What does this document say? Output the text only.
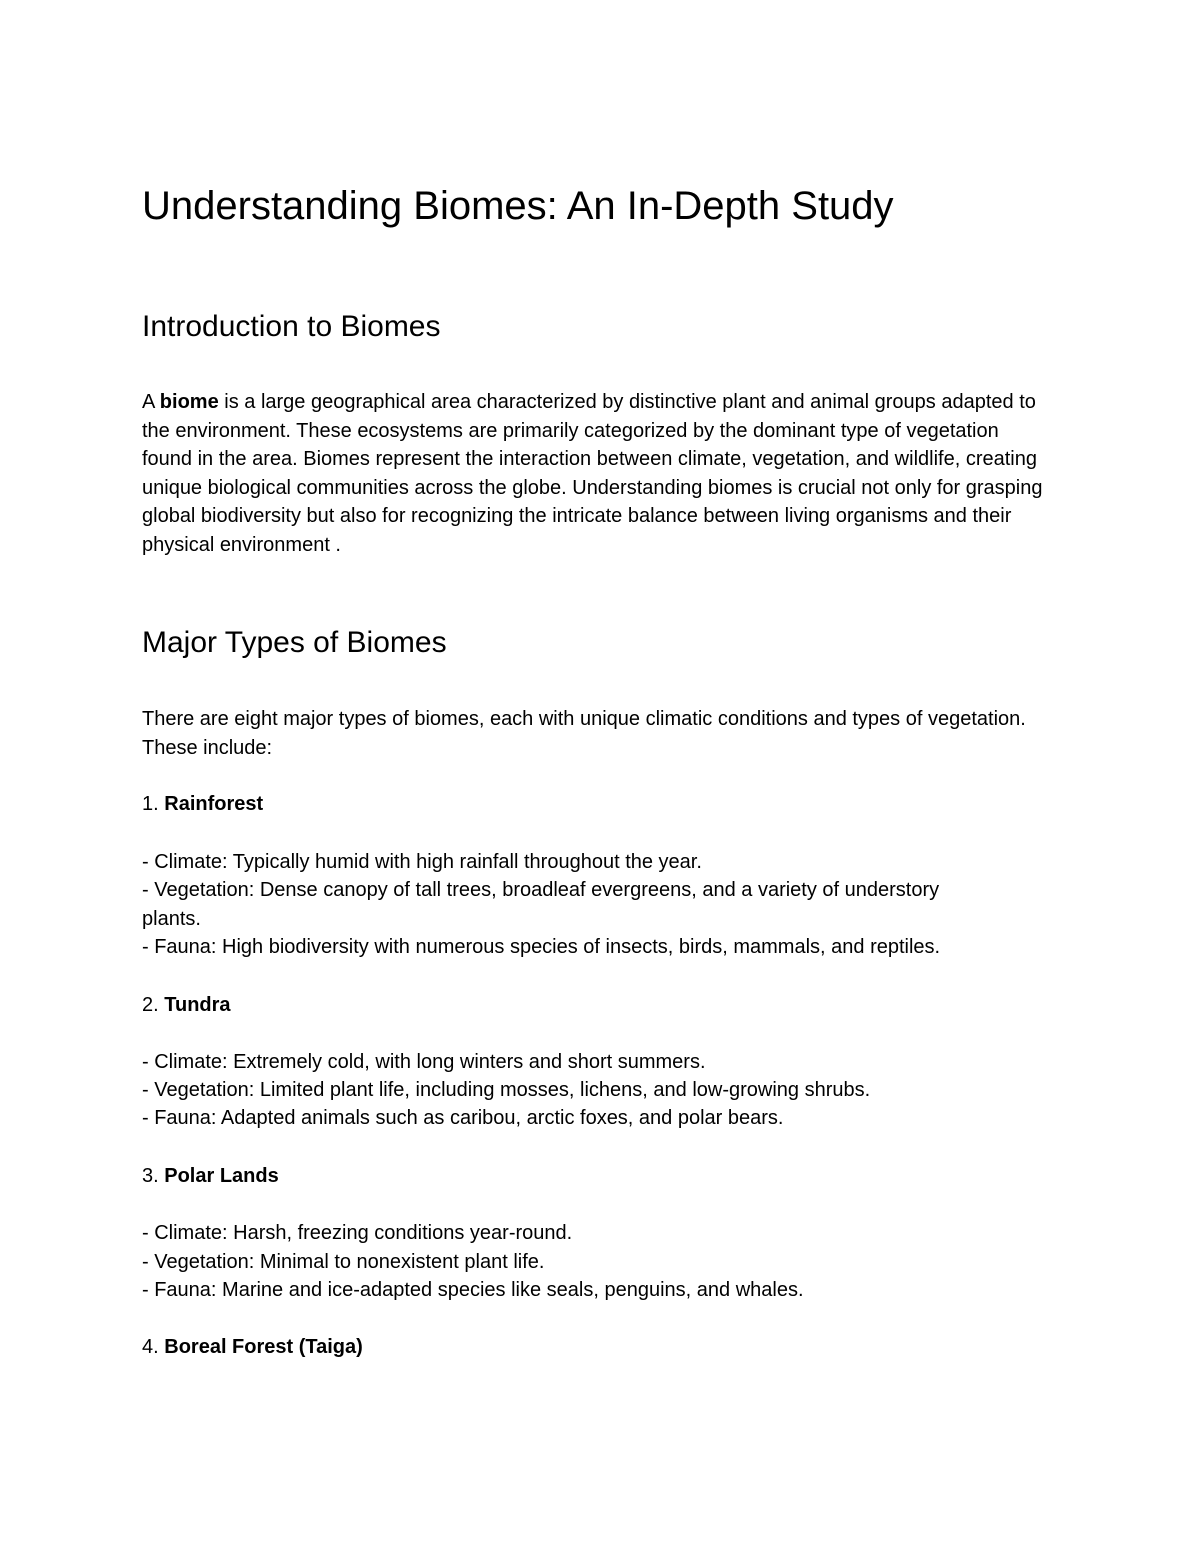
Understanding Biomes: An In-Depth Study
Introduction to Biomes

A biome is a large geographical area characterized by distinctive plant and animal groups adapted to the environment. These ecosystems are primarily categorized by the dominant type of vegetation found in the area. Biomes represent the interaction between climate, vegetation, and wildlife, creating unique biological communities across the globe. Understanding biomes is crucial not only for grasping global biodiversity but also for recognizing the intricate balance between living organisms and their physical environment .

Major Types of Biomes

There are eight major types of biomes, each with unique climatic conditions and types of vegetation. These include:

1. Rainforest
- Climate: Typically humid with high rainfall throughout the year.
- Vegetation: Dense canopy of tall trees, broadleaf evergreens, and a variety of understory
plants.
- Fauna: High biodiversity with numerous species of insects, birds, mammals, and reptiles.
2. Tundra
- Climate: Extremely cold, with long winters and short summers.
- Vegetation: Limited plant life, including mosses, lichens, and low-growing shrubs.
- Fauna: Adapted animals such as caribou, arctic foxes, and polar bears.
3. Polar Lands
- Climate: Harsh, freezing conditions year-round.
- Vegetation: Minimal to nonexistent plant life.
- Fauna: Marine and ice-adapted species like seals, penguins, and whales.
4. Boreal Forest (Taiga)
